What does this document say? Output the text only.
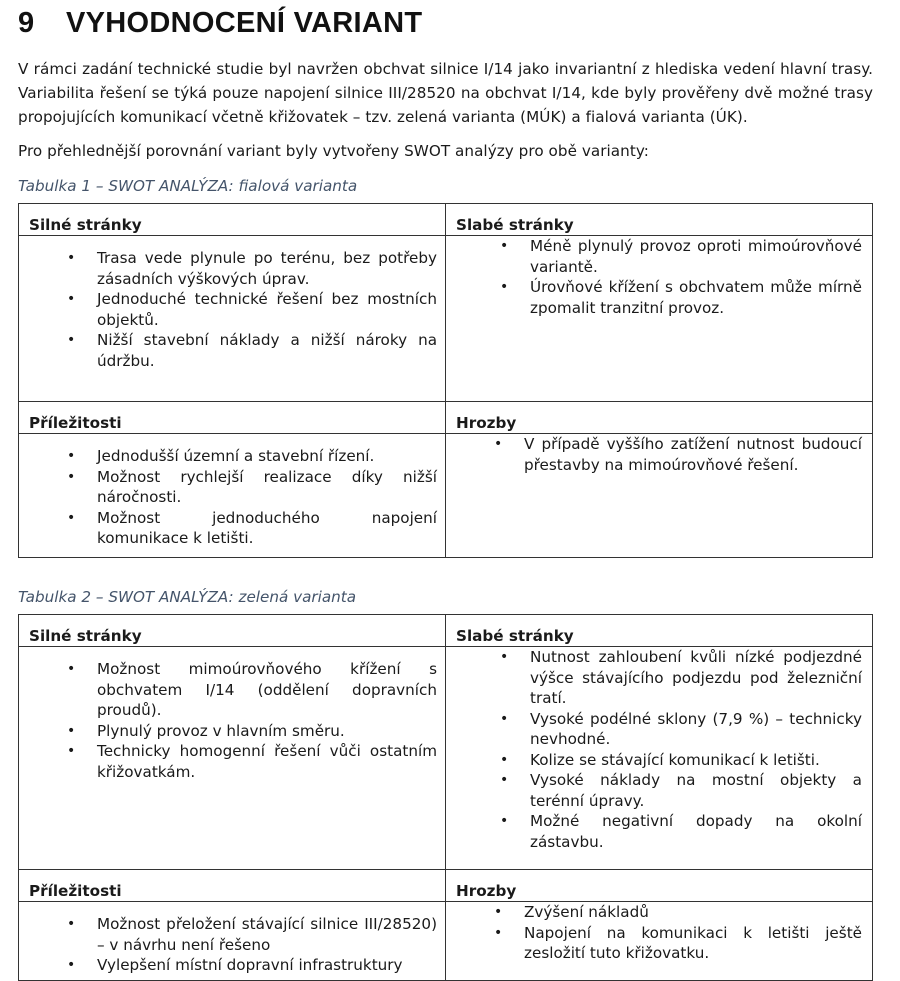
9	VYHODNOCENÍ VARIANT

V rámci zadání technické studie byl navržen obchvat silnice I/14 jako invariantní z hlediska vedení hlavní trasy. Variabilita řešení se týká pouze napojení silnice III/28520 na obchvat I/14, kde byly prověřeny dvě možné trasy propojujících komunikací včetně křižovatek – tzv. zelená varianta (MÚK) a fialová varianta (ÚK).

Pro přehlednější porovnání variant byly vytvořeny SWOT analýzy pro obě varianty:

Tabulka 1 – SWOT ANALÝZA: fialová varianta

Silné stránky	Slabé stránky

• Trasa vede plynule po terénu, bez potřeby zásadních výškových úprav.
• Jednoduché technické řešení bez mostních objektů.
• Nižší stavební náklady a nižší nároky na údržbu.

• Méně plynulý provoz oproti mimoúrovňové variantě.
• Úrovňové křížení s obchvatem může mírně zpomalit tranzitní provoz.

Příležitosti	Hrozby

• Jednodušší územní a stavební řízení.
• Možnost rychlejší realizace díky nižší náročnosti.
• Možnost jednoduchého napojení komunikace k letišti.

• V případě vyššího zatížení nutnost budoucí přestavby na mimoúrovňové řešení.

Tabulka 2 – SWOT ANALÝZA: zelená varianta

Silné stránky	Slabé stránky

• Možnost mimoúrovňového křížení s obchvatem I/14 (oddělení dopravních proudů).
• Plynulý provoz v hlavním směru.
• Technicky homogenní řešení vůči ostatním křižovatkám.

• Nutnost zahloubení kvůli nízké podjezdné výšce stávajícího podjezdu pod železniční tratí.
• Vysoké podélné sklony (7,9 %) – technicky nevhodné.
• Kolize se stávající komunikací k letišti.
• Vysoké náklady na mostní objekty a terénní úpravy.
• Možné negativní dopady na okolní zástavbu.

Příležitosti	Hrozby

• Možnost přeložení stávající silnice III/28520) – v návrhu není řešeno
• Vylepšení místní dopravní infrastruktury

• Zvýšení nákladů
• Napojení na komunikaci k letišti ještě zesložití tuto křižovatku.
